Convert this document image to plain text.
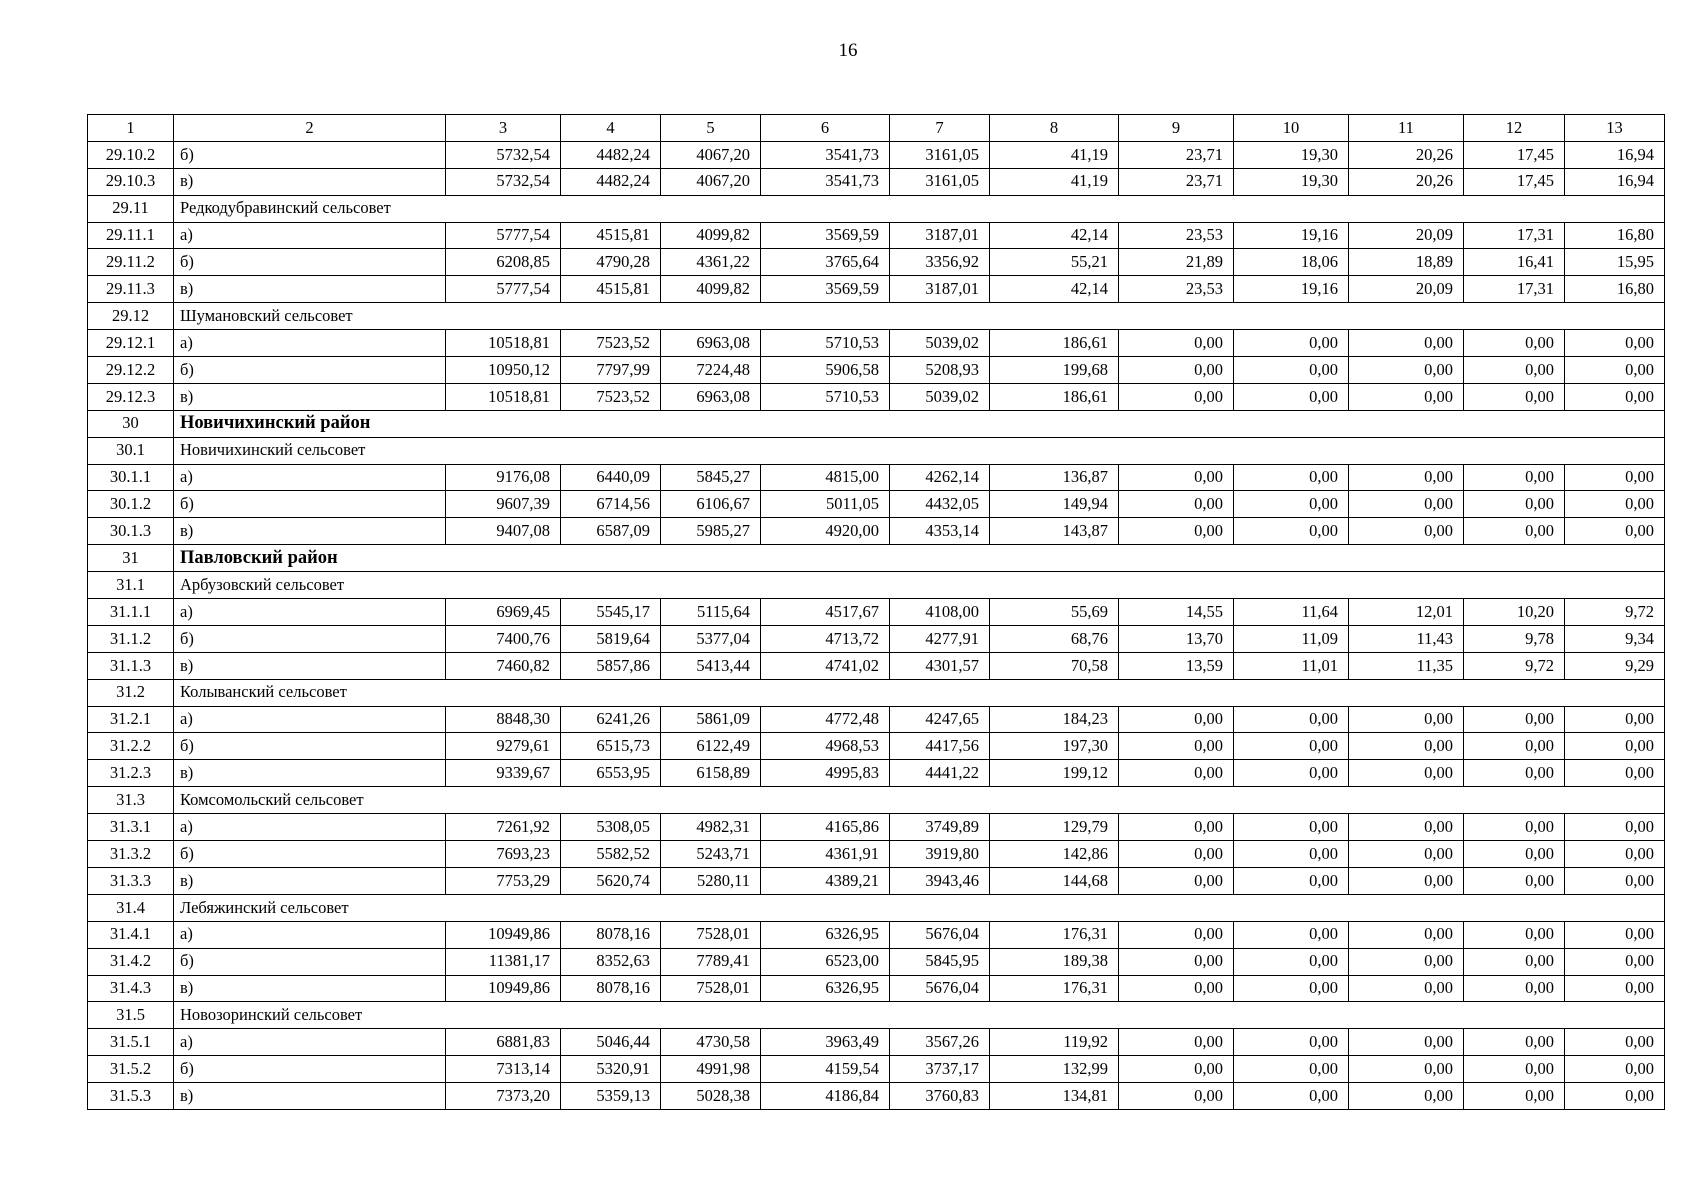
16
1	2	3	4	5	6	7	8	9	10	11	12	13
29.10.2	б)	5732,54	4482,24	4067,20	3541,73	3161,05	41,19	23,71	19,30	20,26	17,45	16,94
29.10.3	в)	5732,54	4482,24	4067,20	3541,73	3161,05	41,19	23,71	19,30	20,26	17,45	16,94
29.11	Редкодубравинский сельсовет											
29.11.1	а)	5777,54	4515,81	4099,82	3569,59	3187,01	42,14	23,53	19,16	20,09	17,31	16,80
29.11.2	б)	6208,85	4790,28	4361,22	3765,64	3356,92	55,21	21,89	18,06	18,89	16,41	15,95
29.11.3	в)	5777,54	4515,81	4099,82	3569,59	3187,01	42,14	23,53	19,16	20,09	17,31	16,80
29.12	Шумановский сельсовет											
29.12.1	а)	10518,81	7523,52	6963,08	5710,53	5039,02	186,61	0,00	0,00	0,00	0,00	0,00
29.12.2	б)	10950,12	7797,99	7224,48	5906,58	5208,93	199,68	0,00	0,00	0,00	0,00	0,00
29.12.3	в)	10518,81	7523,52	6963,08	5710,53	5039,02	186,61	0,00	0,00	0,00	0,00	0,00
30	Новичихинский район											
30.1	Новичихинский сельсовет											
30.1.1	а)	9176,08	6440,09	5845,27	4815,00	4262,14	136,87	0,00	0,00	0,00	0,00	0,00
30.1.2	б)	9607,39	6714,56	6106,67	5011,05	4432,05	149,94	0,00	0,00	0,00	0,00	0,00
30.1.3	в)	9407,08	6587,09	5985,27	4920,00	4353,14	143,87	0,00	0,00	0,00	0,00	0,00
31	Павловский район											
31.1	Арбузовский сельсовет											
31.1.1	а)	6969,45	5545,17	5115,64	4517,67	4108,00	55,69	14,55	11,64	12,01	10,20	9,72
31.1.2	б)	7400,76	5819,64	5377,04	4713,72	4277,91	68,76	13,70	11,09	11,43	9,78	9,34
31.1.3	в)	7460,82	5857,86	5413,44	4741,02	4301,57	70,58	13,59	11,01	11,35	9,72	9,29
31.2	Колыванский сельсовет											
31.2.1	а)	8848,30	6241,26	5861,09	4772,48	4247,65	184,23	0,00	0,00	0,00	0,00	0,00
31.2.2	б)	9279,61	6515,73	6122,49	4968,53	4417,56	197,30	0,00	0,00	0,00	0,00	0,00
31.2.3	в)	9339,67	6553,95	6158,89	4995,83	4441,22	199,12	0,00	0,00	0,00	0,00	0,00
31.3	Комсомольский сельсовет											
31.3.1	а)	7261,92	5308,05	4982,31	4165,86	3749,89	129,79	0,00	0,00	0,00	0,00	0,00
31.3.2	б)	7693,23	5582,52	5243,71	4361,91	3919,80	142,86	0,00	0,00	0,00	0,00	0,00
31.3.3	в)	7753,29	5620,74	5280,11	4389,21	3943,46	144,68	0,00	0,00	0,00	0,00	0,00
31.4	Лебяжинский сельсовет											
31.4.1	а)	10949,86	8078,16	7528,01	6326,95	5676,04	176,31	0,00	0,00	0,00	0,00	0,00
31.4.2	б)	11381,17	8352,63	7789,41	6523,00	5845,95	189,38	0,00	0,00	0,00	0,00	0,00
31.4.3	в)	10949,86	8078,16	7528,01	6326,95	5676,04	176,31	0,00	0,00	0,00	0,00	0,00
31.5	Новозоринский сельсовет											
31.5.1	а)	6881,83	5046,44	4730,58	3963,49	3567,26	119,92	0,00	0,00	0,00	0,00	0,00
31.5.2	б)	7313,14	5320,91	4991,98	4159,54	3737,17	132,99	0,00	0,00	0,00	0,00	0,00
31.5.3	в)	7373,20	5359,13	5028,38	4186,84	3760,83	134,81	0,00	0,00	0,00	0,00	0,00
